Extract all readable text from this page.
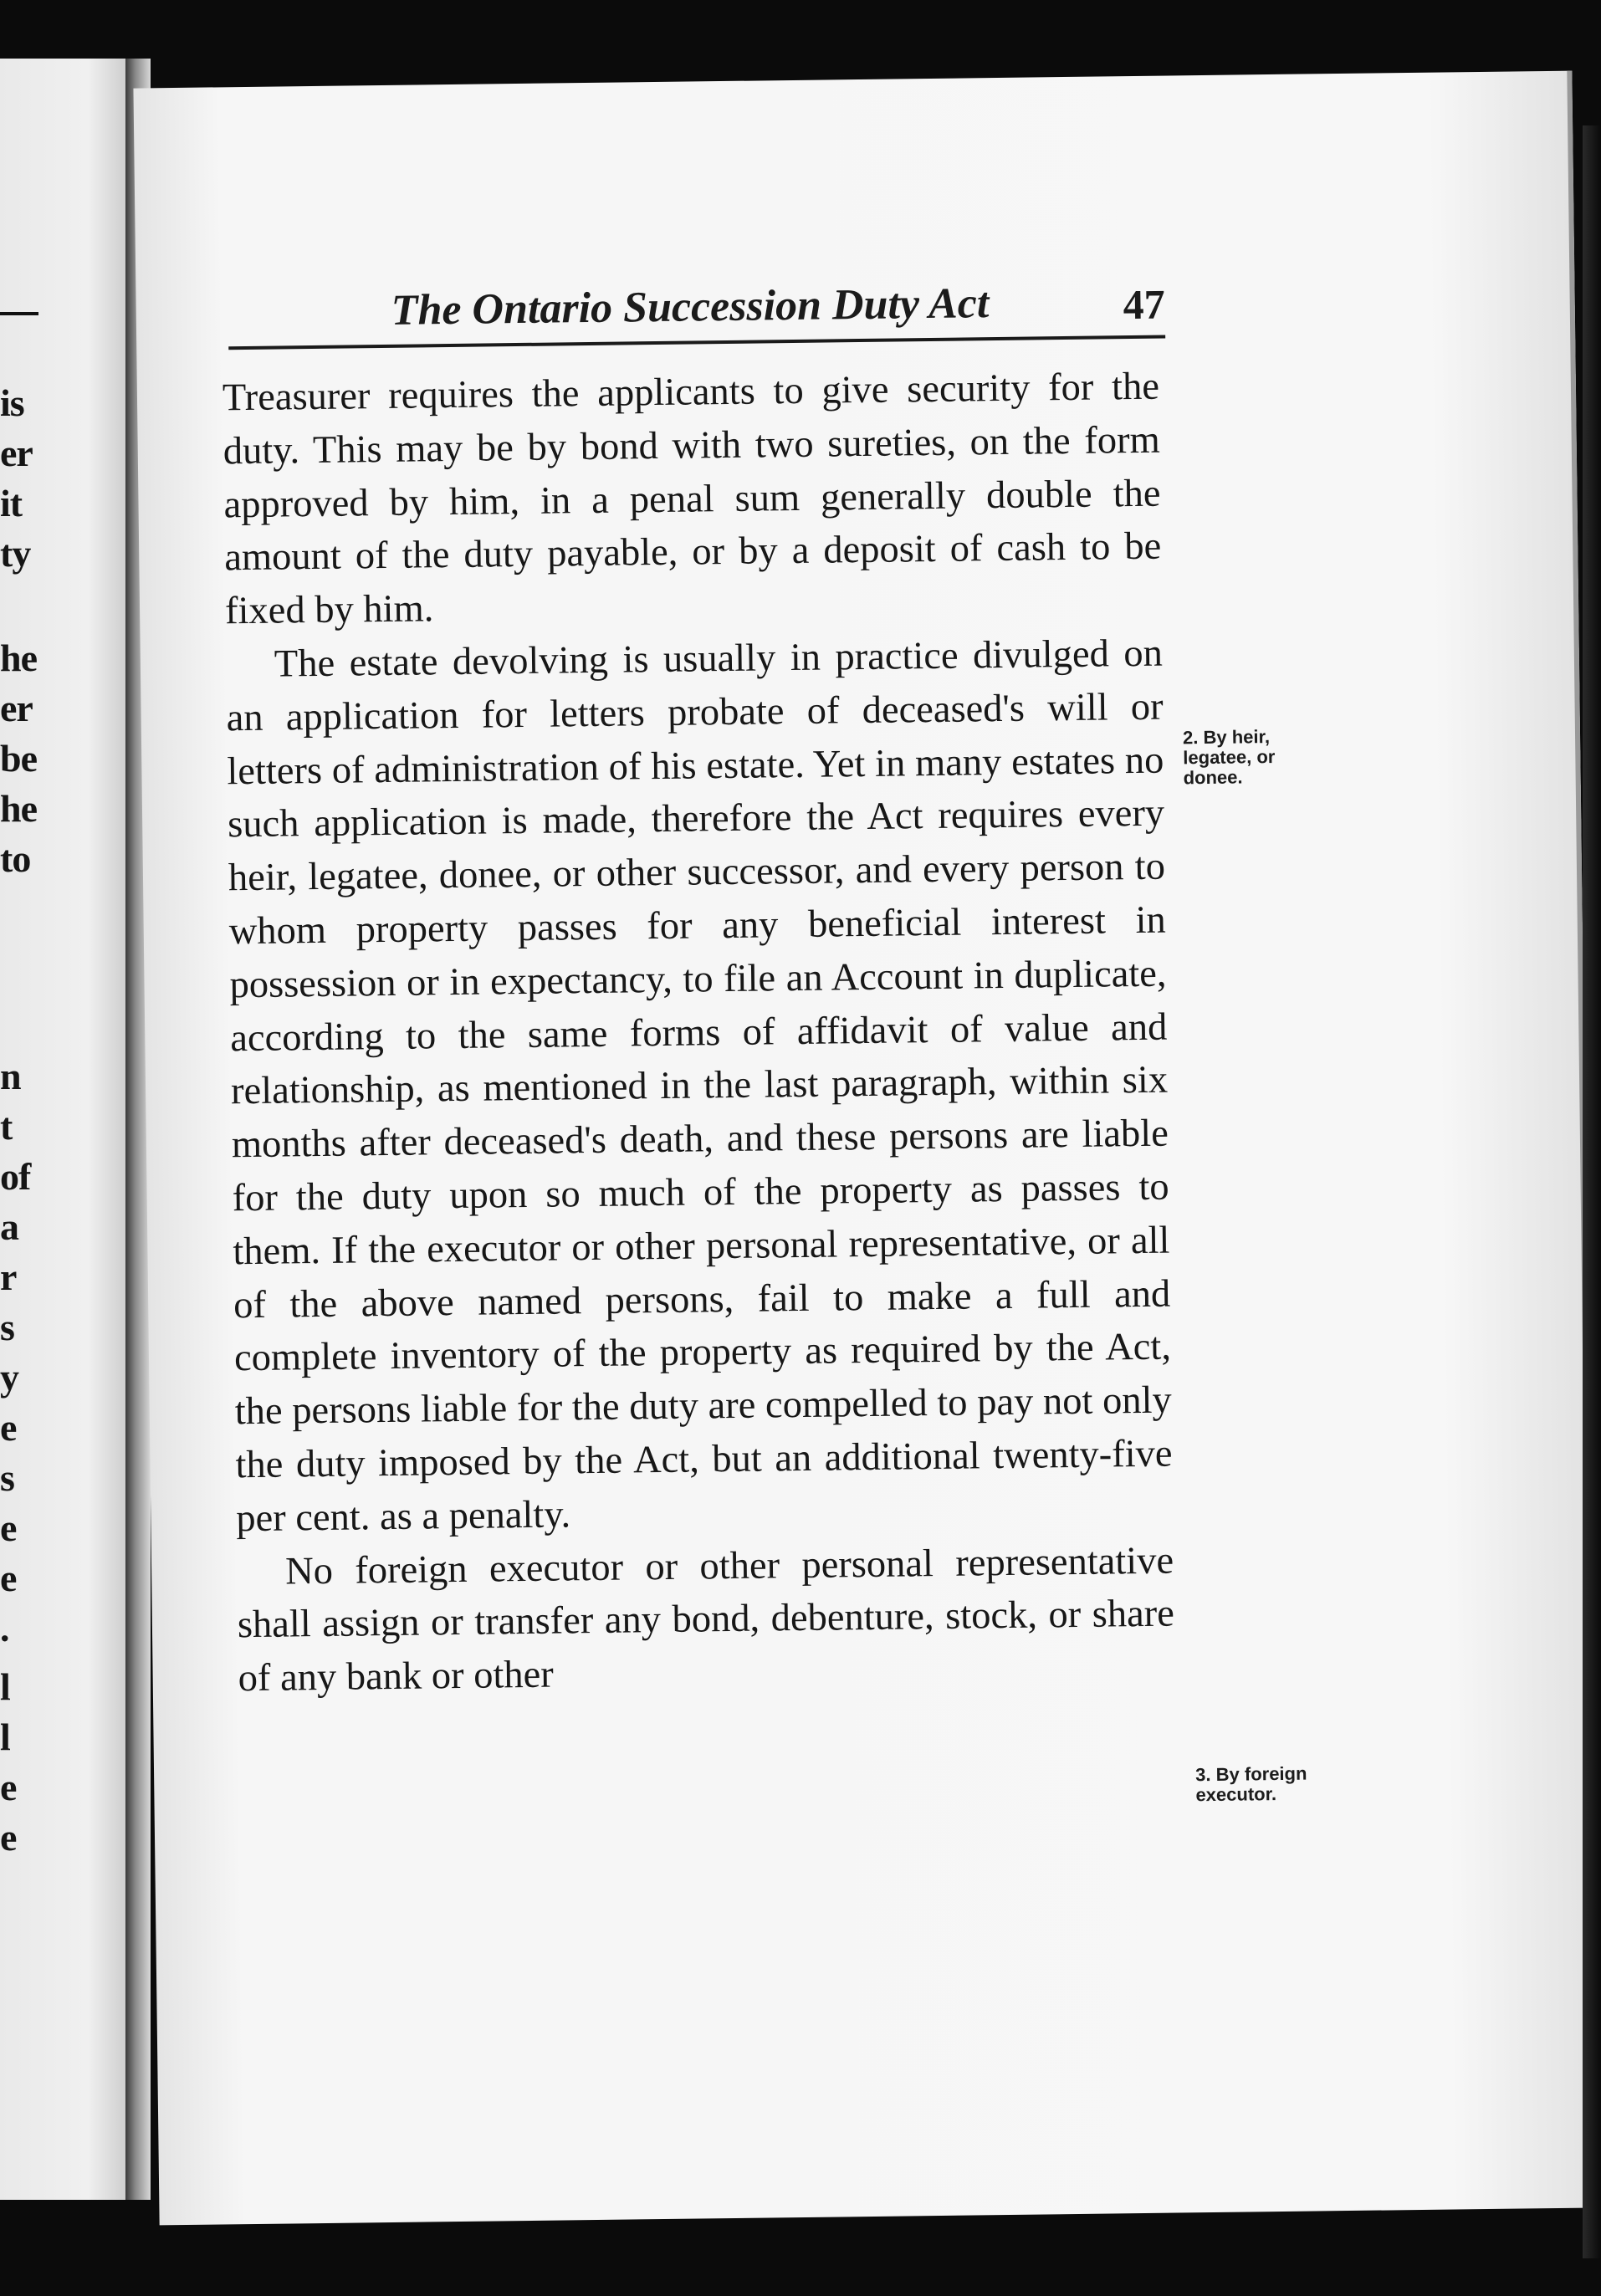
is
er
it
ty
he
er
be
he
to
n
t
of
a
r
s
y
e
s
e
e
.
l
l
e
e
The Ontario Succession Duty Act	47

Treasurer requires the applicants to give security for the duty. This may be by bond with two sureties, on the form approved by him, in a penal sum generally double the amount of the duty payable, or by a deposit of cash to be fixed by him.

The estate devolving is usually in practice divulged on an application for letters probate of deceased's will or letters of administration of his estate. Yet in many estates no such application is made, therefore the Act requires every heir, legatee, donee, or other successor, and every person to whom property passes for any beneficial interest in possession or in expectancy, to file an Account in duplicate, according to the same forms of affidavit of value and relationship, as mentioned in the last paragraph, within six months after deceased's death, and these persons are liable for the duty upon so much of the property as passes to them. If the executor or other personal representative, or all of the above named persons, fail to make a full and complete inventory of the property as required by the Act, the persons liable for the duty are compelled to pay not only the duty imposed by the Act, but an additional twenty-five per cent. as a penalty.

No foreign executor or other personal representative shall assign or transfer any bond, debenture, stock, or share of any bank or other

2. By heir, legatee, or donee.
3. By foreign executor.
